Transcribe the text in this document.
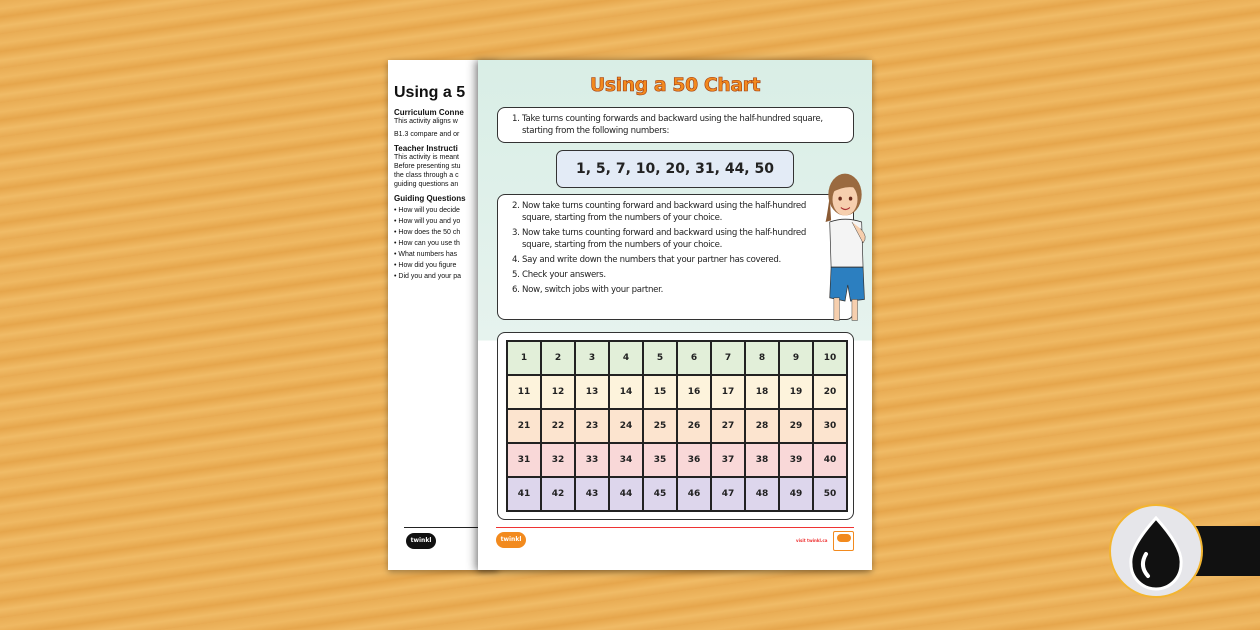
Using a 5
Curriculum Conne
This activity aligns w
B1.3 compare and or
Teacher Instructi
This activity is meant
Before presenting stu
the class through a c
guiding questions an
Guiding Questions
• How will you decide
• How will you and yo
• How does the 50 ch
• How can you use th
• What numbers has
• How did you figure
• Did you and your pa
twinkl
Using a 50 Chart
1. Take turns counting forwards and backward using the half-hundred square, starting from the following numbers:
1, 5, 7, 10, 20, 31, 44, 50
2. Now take turns counting forward and backward using the half-hundred square, starting from the numbers of your choice.
3. Now take turns counting forward and backward using the half-hundred square, starting from the numbers of your choice.
4. Say and write down the numbers that your partner has covered.
5. Check your answers.
6. Now, switch jobs with your partner.
1	2	3	4	5	6	7	8	9	10
11	12	13	14	15	16	17	18	19	20
21	22	23	24	25	26	27	28	29	30
31	32	33	34	35	36	37	38	39	40
41	42	43	44	45	46	47	48	49	50
twinkl	visit twinkl.ca
